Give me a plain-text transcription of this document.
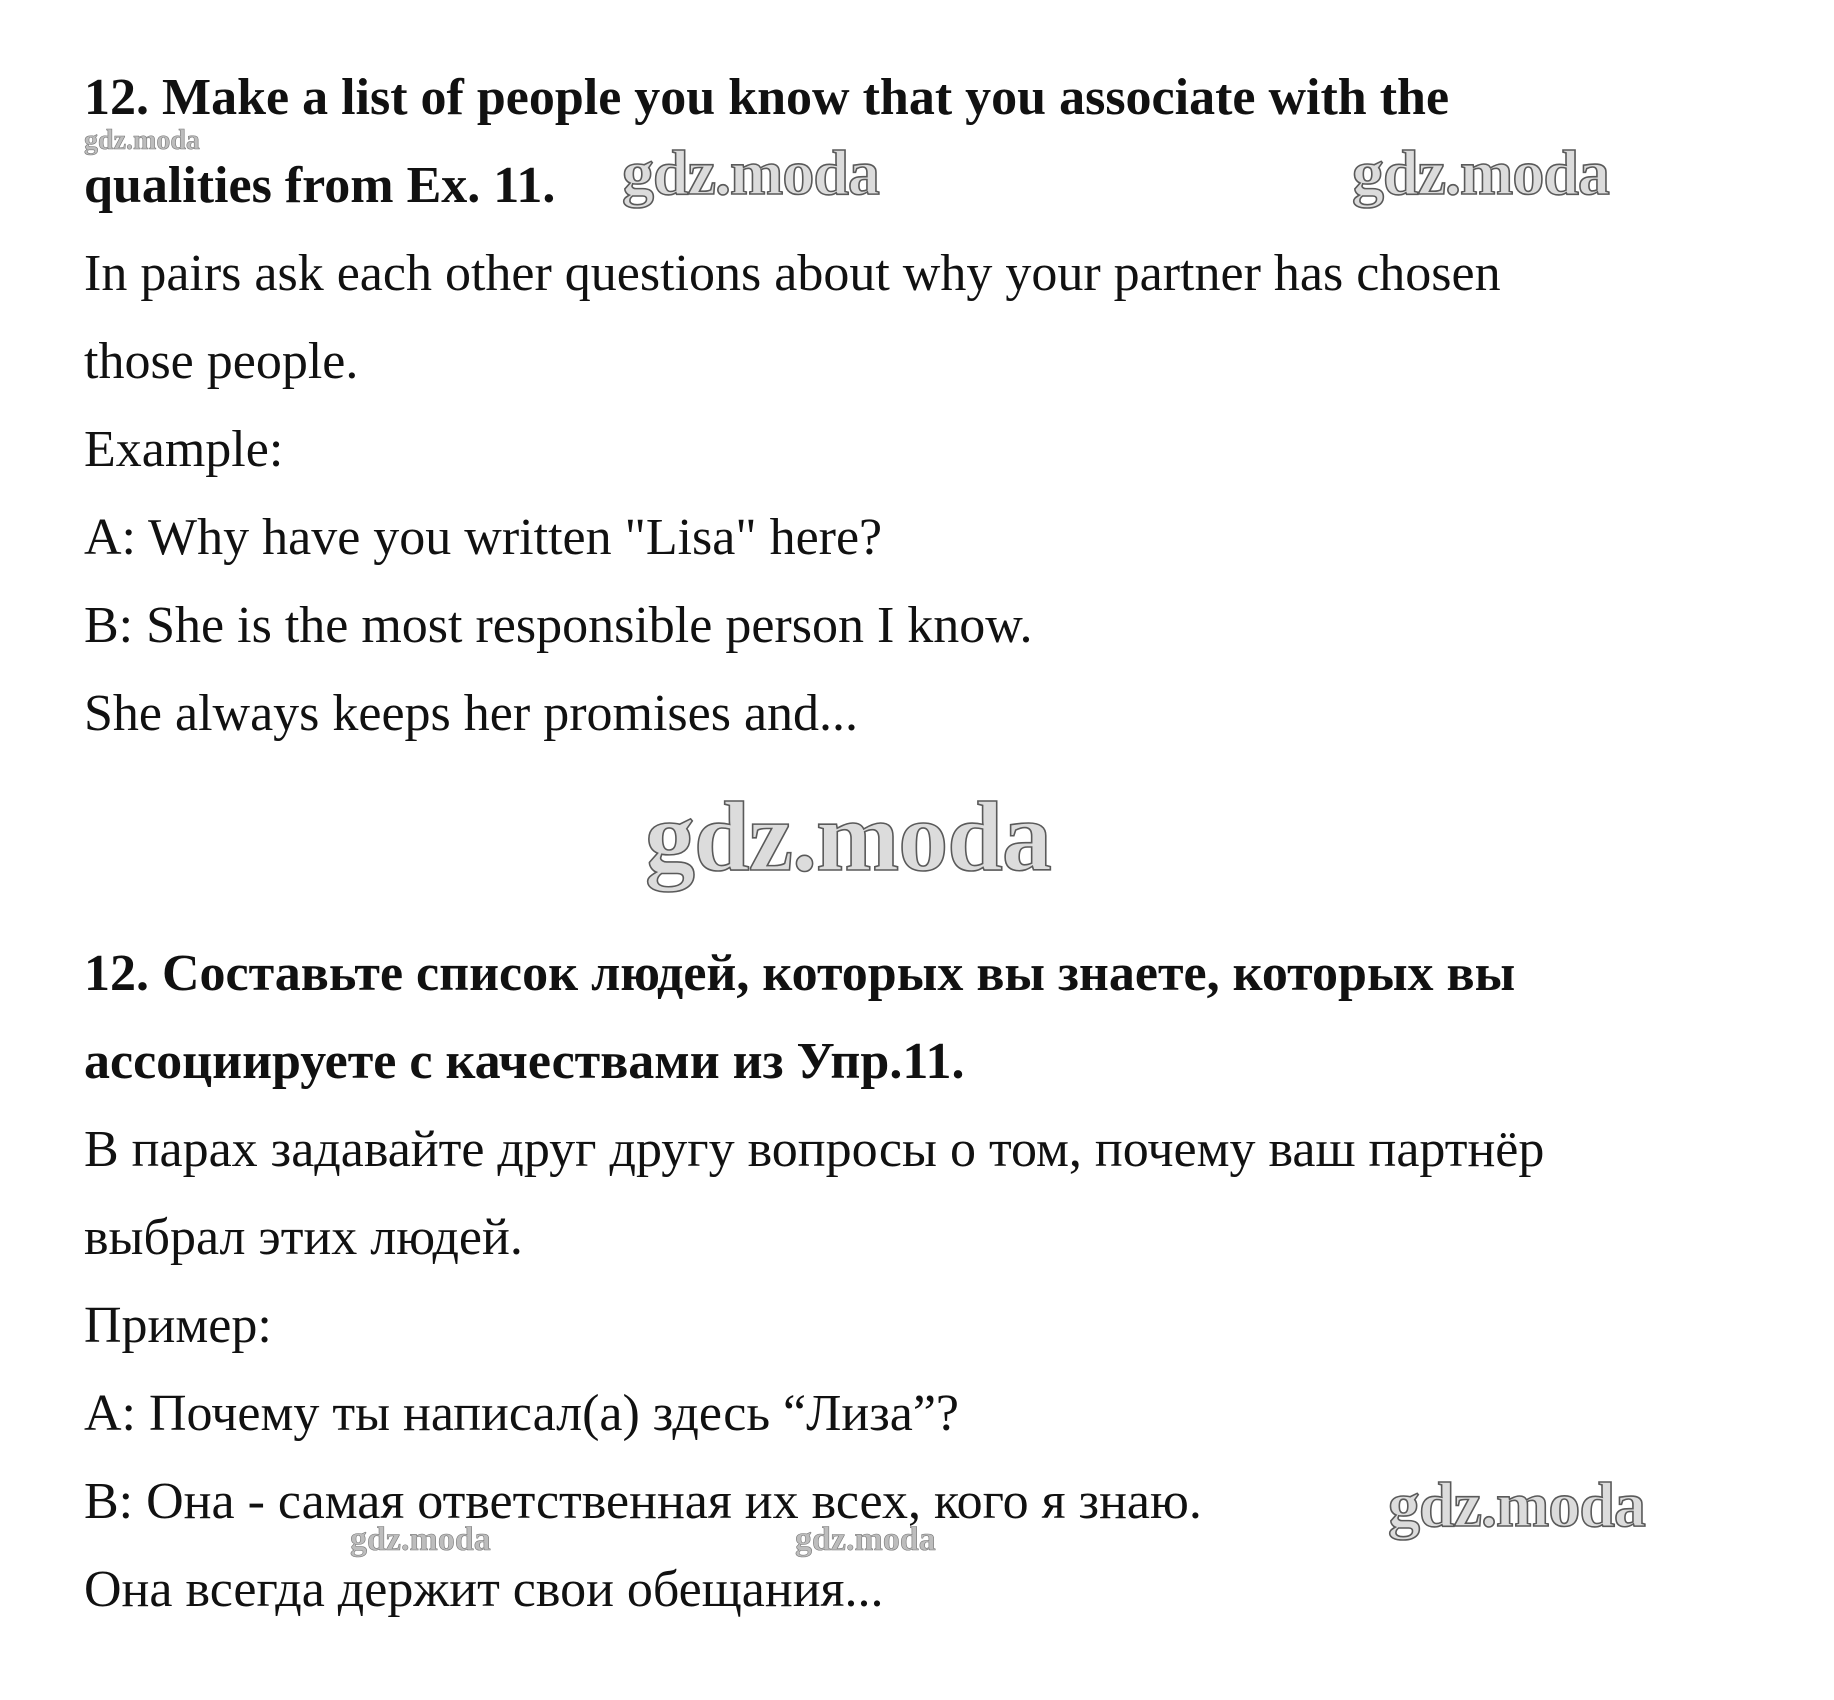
12. Make a list of people you know that you associate with the
qualities from Ex. 11.
In pairs ask each other questions about why your partner has chosen
those people.
Example:
A: Why have you written "Lisa" here?
B: She is the most responsible person I know.
She always keeps her promises and...
12. Составьте список людей, которых вы знаете, которых вы
ассоциируете с качествами из Упр.11.
В парах задавайте друг другу вопросы о том, почему ваш партнёр
выбрал этих людей.
Пример:
А: Почему ты написал(а) здесь “Лиза”?
В: Она - самая ответственная их всех, кого я знаю.
Она всегда держит свои обещания...
gdz.moda	gdz.moda	gdz.moda
gdz.moda
gdz.moda
gdz.moda	gdz.moda
